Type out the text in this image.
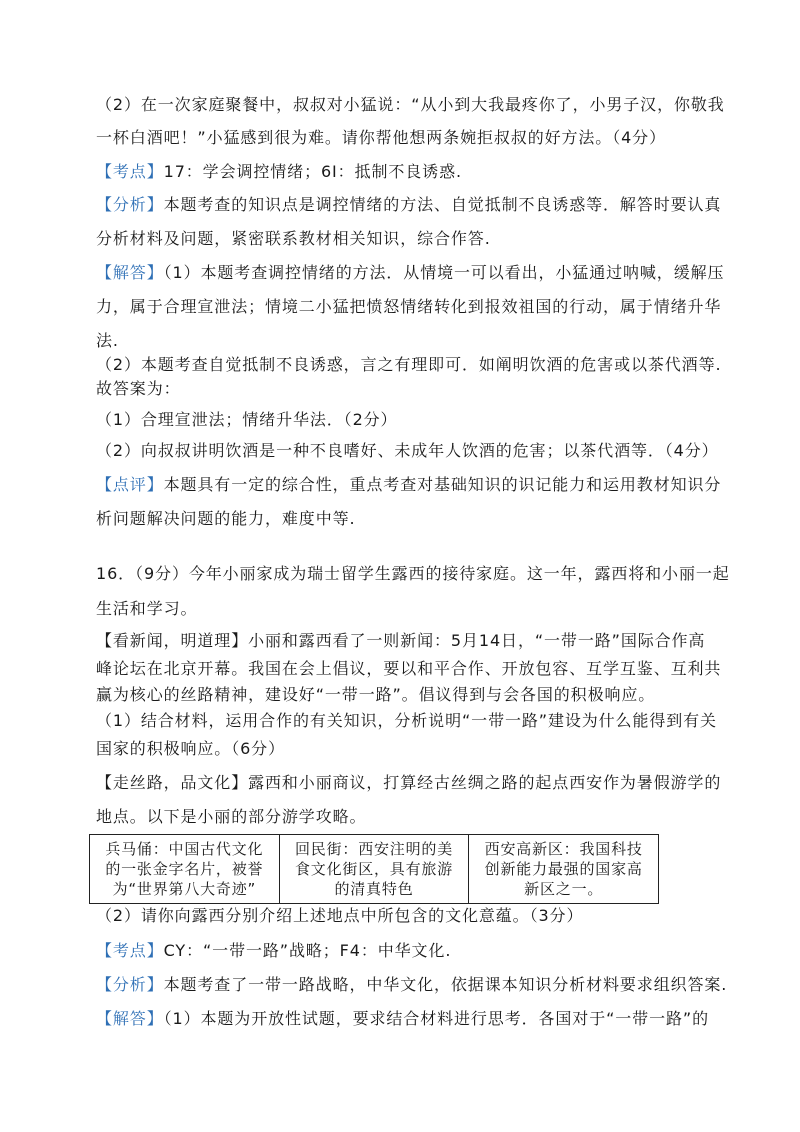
（2）在一次家庭聚餐中，叔叔对小猛说：“从小到大我最疼你了，小男子汉，你敬我
一杯白酒吧！”小猛感到很为难。请你帮他想两条婉拒叔叔的好方法。（4分）
【考点】17：学会调控情绪；6I：抵制不良诱惑.
【分析】本题考查的知识点是调控情绪的方法、自觉抵制不良诱惑等．解答时要认真
分析材料及问题，紧密联系教材相关知识，综合作答.
【解答】（1）本题考查调控情绪的方法．从情境一可以看出，小猛通过呐喊，缓解压
力，属于合理宣泄法；情境二小猛把愤怒情绪转化到报效祖国的行动，属于情绪升华
法.
（2）本题考查自觉抵制不良诱惑，言之有理即可．如阐明饮酒的危害或以茶代酒等.
故答案为：
（1）合理宣泄法；情绪升华法．（2分）
（2）向叔叔讲明饮酒是一种不良嗜好、未成年人饮酒的危害；以茶代酒等．（4分）
【点评】本题具有一定的综合性，重点考查对基础知识的识记能力和运用教材知识分
析问题解决问题的能力，难度中等.
16．（9分）今年小丽家成为瑞士留学生露西的接待家庭。这一年，露西将和小丽一起
生活和学习。
【看新闻，明道理】小丽和露西看了一则新闻：5月14日，“一带一路”国际合作高
峰论坛在北京开幕。我国在会上倡议，要以和平合作、开放包容、互学互鉴、互利共
赢为核心的丝路精神，建设好“一带一路”。倡议得到与会各国的积极响应。
（1）结合材料，运用合作的有关知识，分析说明“一带一路”建设为什么能得到有关
国家的积极响应。（6分）
【走丝路，品文化】露西和小丽商议，打算经古丝绸之路的起点西安作为暑假游学的
地点。以下是小丽的部分游学攻略。
（2）请你向露西分别介绍上述地点中所包含的文化意蕴。（3分）
【考点】CY：“一带一路”战略；F4：中华文化.
【分析】本题考查了一带一路战略，中华文化，依据课本知识分析材料要求组织答案.
【解答】（1）本题为开放性试题，要求结合材料进行思考．各国对于“一带一路”的
兵马俑：中国古代文化
的一张金字名片，被誉
为“世界第八大奇迹”
回民街：西安注明的美
食文化街区，具有旅游
的清真特色
西安高新区：我国科技
创新能力最强的国家高
新区之一。
